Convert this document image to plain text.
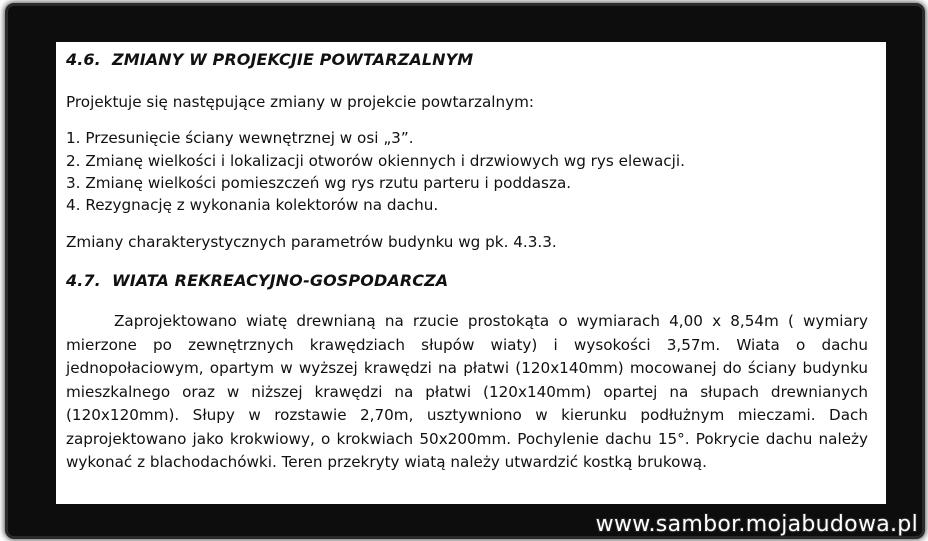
4.6. ZMIANY W PROJEKCJIE POWTARZALNYM
Projektuje się następujące zmiany w projekcie powtarzalnym:
1. Przesunięcie ściany wewnętrznej w osi „3”.
2. Zmianę wielkości i lokalizacji otworów okiennych i drzwiowych wg rys elewacji.
3. Zmianę wielkości pomieszczeń wg rys rzutu parteru i poddasza.
4. Rezygnację z wykonania kolektorów na dachu.
Zmiany charakterystycznych parametrów budynku wg pk. 4.3.3.
4.7. WIATA REKREACYJNO-GOSPODARCZA
Zaprojektowano wiatę drewnianą na rzucie prostokąta o wymiarach 4,00 x 8,54m ( wymiary mierzone po zewnętrznych krawędziach słupów wiaty) i wysokości 3,57m. Wiata o dachu jednopołaciowym, opartym w wyższej krawędzi na płatwi (120x140mm) mocowanej do ściany budynku mieszkalnego oraz w niższej krawędzi na płatwi (120x140mm) opartej na słupach drewnianych (120x120mm). Słupy w rozstawie 2,70m, usztywniono w kierunku podłużnym mieczami. Dach zaprojektowano jako krokwiowy, o krokwiach 50x200mm. Pochylenie dachu 15°. Pokrycie dachu należy wykonać z blachodachówki. Teren przekryty wiatą należy utwardzić kostką brukową.
www.sambor.mojabudowa.pl
